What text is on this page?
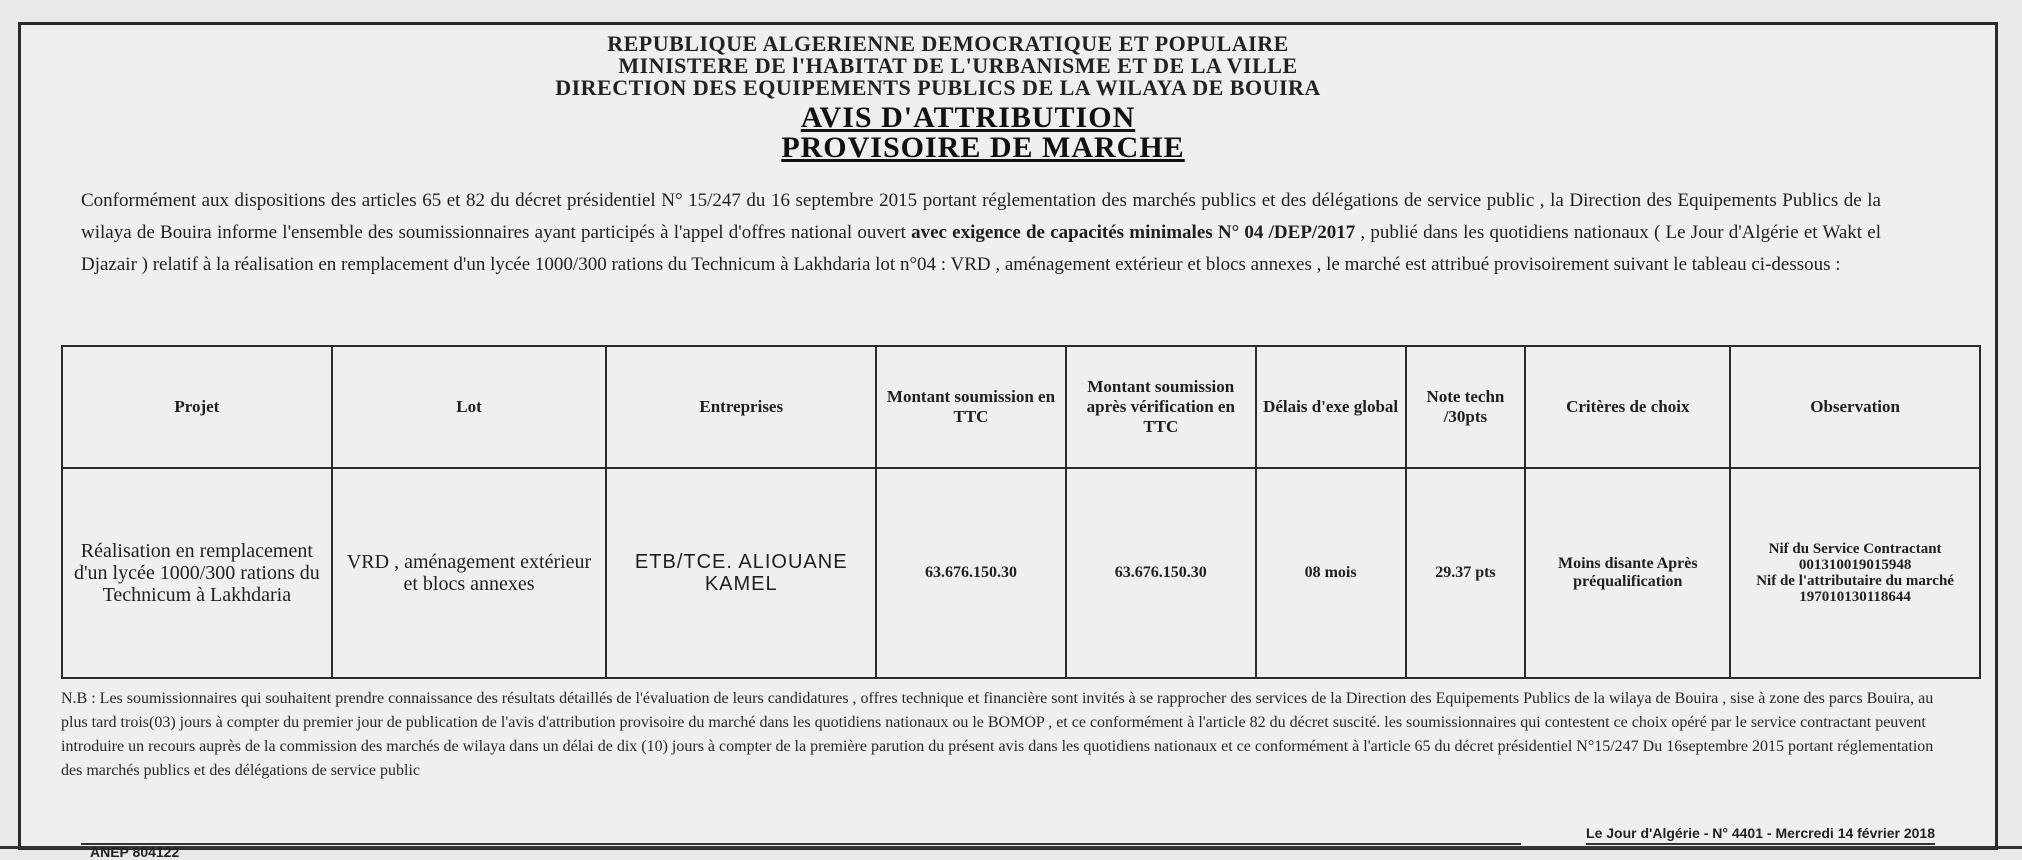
REPUBLIQUE ALGERIENNE DEMOCRATIQUE ET POPULAIRE
MINISTERE DE l'HABITAT DE L'URBANISME ET DE LA VILLE
DIRECTION DES EQUIPEMENTS PUBLICS DE LA WILAYA DE BOUIRA
AVIS D'ATTRIBUTION
PROVISOIRE DE MARCHE
Conformément aux dispositions des articles 65 et 82 du décret présidentiel N° 15/247 du 16 septembre 2015 portant réglementation des marchés publics et des délégations de service public , la Direction des Equipements Publics de la wilaya de Bouira informe l'ensemble des soumissionnaires ayant participés à l'appel d'offres national ouvert avec exigence de capacités minimales N° 04 /DEP/2017 , publié dans les quotidiens nationaux ( Le Jour d'Algérie et Wakt el Djazair ) relatif à la réalisation en remplacement d'un lycée 1000/300 rations du Technicum à Lakhdaria lot n°04 : VRD , aménagement extérieur et blocs annexes , le marché est attribué provisoirement suivant le tableau ci-dessous :
Projet	Lot	Entreprises	Montant soumission en TTC	Montant soumission après vérification en TTC	Délais d'exe global	Note techn /30pts	Critères de choix	Observation
Réalisation en remplacement d'un lycée 1000/300 rations du Technicum à Lakhdaria	VRD , aménagement extérieur et blocs annexes	ETB/TCE. ALIOUANE KAMEL	63.676.150.30	63.676.150.30	08 mois	29.37 pts	Moins disante Après préqualification	Nif du Service Contractant
001310019015948
Nif de l'attributaire du marché
197010130118644
N.B : Les soumissionnaires qui souhaitent prendre connaissance des résultats détaillés de l'évaluation de leurs candidatures , offres technique et financière sont invités à se rapprocher des services de la Direction des Equipements Publics de la wilaya de Bouira , sise à zone des parcs Bouira, au plus tard trois(03) jours à compter du premier jour de publication de l'avis d'attribution provisoire du marché dans les quotidiens nationaux ou le BOMOP , et ce conformément à l'article 82 du décret suscité. les soumissionnaires qui contestent ce choix opéré par le service contractant peuvent introduire un recours auprès de la commission des marchés de wilaya dans un délai de dix (10) jours à compter de la première parution du présent avis dans les quotidiens nationaux et ce conformément à l'article 65 du décret présidentiel N°15/247 Du 16septembre 2015 portant réglementation des marchés publics et des délégations de service public
Le Jour d'Algérie - N° 4401 - Mercredi 14 février 2018
ANEP 804122
